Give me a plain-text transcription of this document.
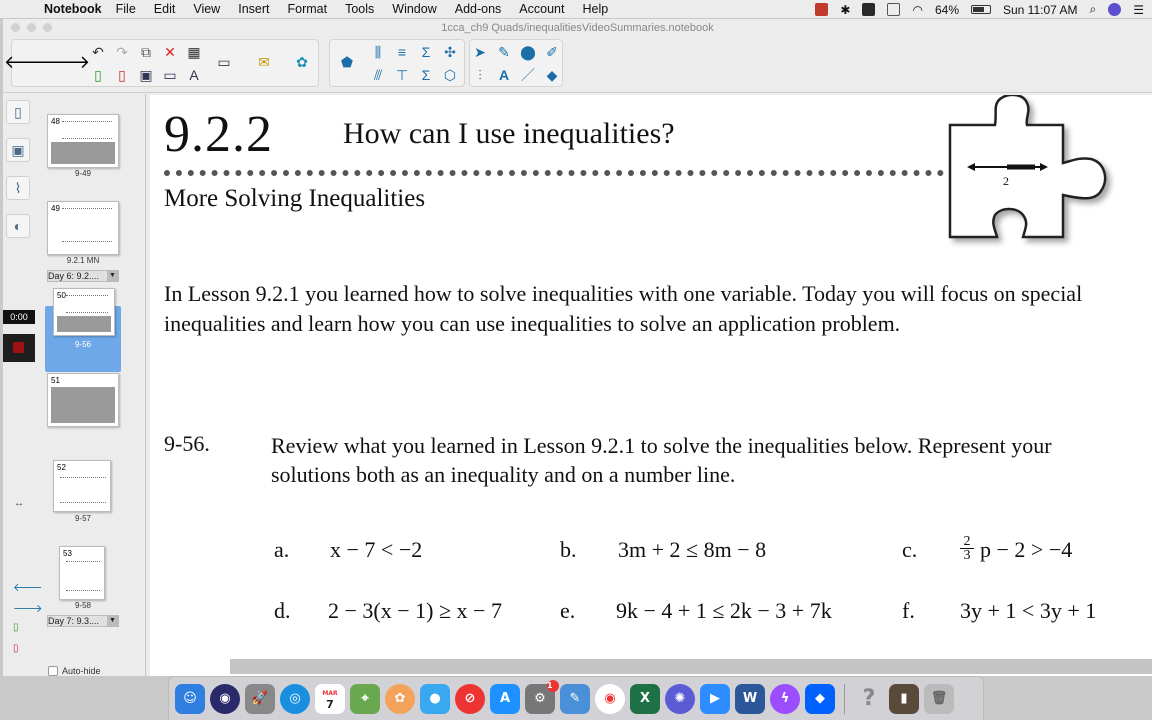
Notebook File Edit View Insert Format Tools Window Add-ons Account Help	✱	◠ 64%	Sun 11:07 AM ⌕	☰
1cca_ch9 Quads/inequalitiesVideoSummaries.notebook
🡐
🡒 ↶ ↷ ⧉ ✕ ▦
▯	▯ ▣ ▭ A
▭	✉	✿	⬟
⫼	≡	Σ ✣
⫻ ⊤ Σ ⬡
➤ ✎ ⬤ ✐
⫶	A ／ ◆
▯
▣
⌇
◐
0:00
48
9-49
49
9.2.1 MN
Day 6: 9.2.... ▼
50
9-56
51
52
9-57
53
9-58
Day 7: 9.3.... ▼
↔
🡐
🡒
▯
▯
Auto-hide
9.2.2 How can I use inequalities?
More Solving Inequalities
2
In Lesson 9.2.1 you learned how to solve inequalities with one variable. Today you will focus on special inequalities and learn how you can use inequalities to solve an application problem.
9-56.	Review what you learned in Lesson 9.2.1 to solve the inequalities below. Represent your solutions both as an inequality and on a number line.
a. x − 7 < −2	b. 3m + 2 ≤ 8m − 8	c.	$\frac{2}{3}$ p − 2 > −4
d. 2 − 3(x − 1) ≥ x − 7	e. 9k − 4 + 1 ≤ 2k − 3 + 7k	f. 3y + 1 < 3y + 1
☺	◉	🚀	◎	MAR
7	⌖	✿	●	⊘	A	⚙
1
✎	◉	X	✺	▶	W	ϟ	◆	?	▮	🗑
